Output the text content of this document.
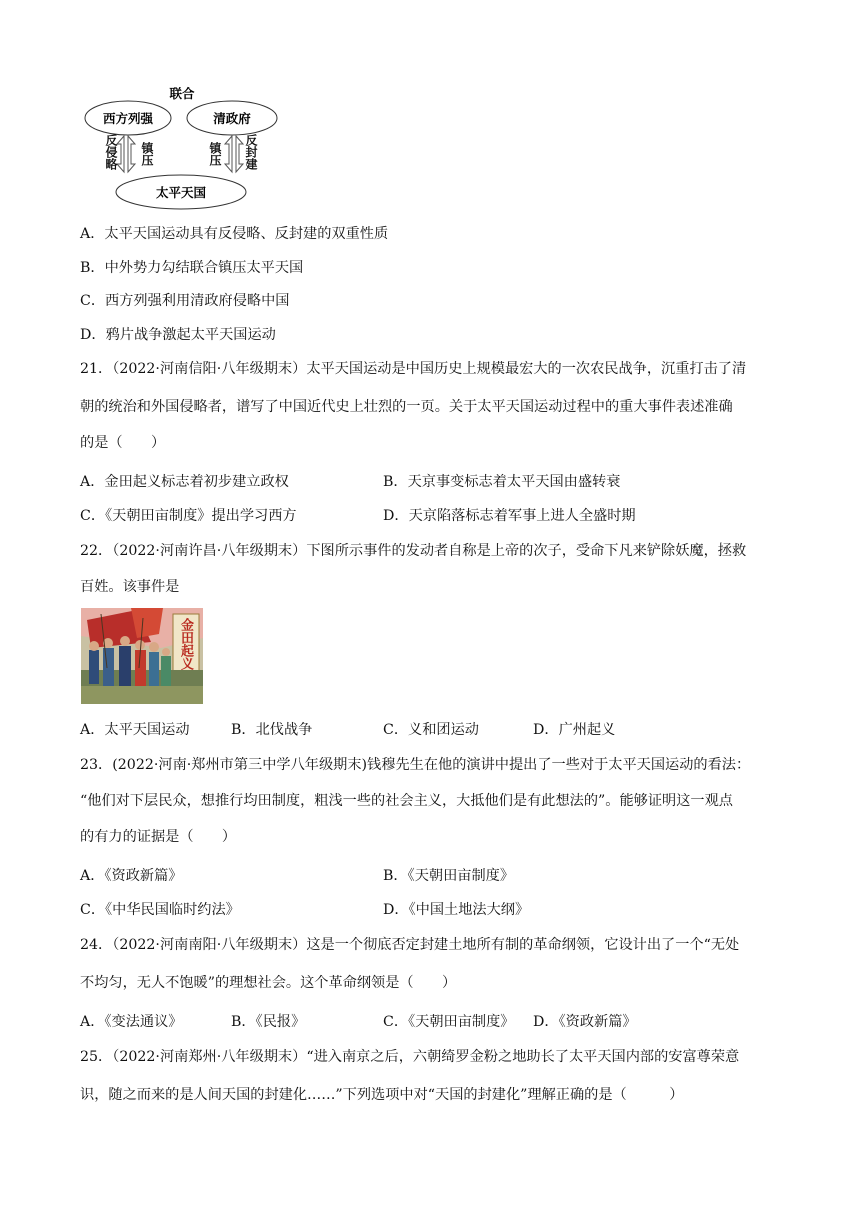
联合
西方列强	清政府
太平天国
反侵略 镇压	镇压 反封建
A．太平天国运动具有反侵略、反封建的双重性质
B．中外势力勾结联合镇压太平天国
C．西方列强利用清政府侵略中国
D．鸦片战争激起太平天国运动
21．（2022·河南信阳·八年级期末）太平天国运动是中国历史上规模最宏大的一次农民战争，沉重打击了清
朝的统治和外国侵略者，谱写了中国近代史上壮烈的一页。关于太平天国运动过程中的重大事件表述准确
的是（　　）
A．金田起义标志着初步建立政权	B．天京事变标志着太平天国由盛转衰
C．《天朝田亩制度》提出学习西方	D．天京陷落标志着军事上进人全盛时期
22．（2022·河南许昌·八年级期末）下图所示事件的发动者自称是上帝的次子，受命下凡来铲除妖魔，拯救
百姓。该事件是
金田起义
A．太平天国运动	B．北伐战争	C．义和团运动	D．广州起义
23．(2022·河南·郑州市第三中学八年级期末)钱穆先生在他的演讲中提出了一些对于太平天国运动的看法：
“他们对下层民众，想推行均田制度，粗浅一些的社会主义，大抵他们是有此想法的”。能够证明这一观点
的有力的证据是（　　）
A．《资政新篇》	B．《天朝田亩制度》
C．《中华民国临时约法》	D．《中国土地法大纲》
24．（2022·河南南阳·八年级期末）这是一个彻底否定封建土地所有制的革命纲领，它设计出了一个“无处
不均匀，无人不饱暖”的理想社会。这个革命纲领是（　　）
A．《变法通议》	B．《民报》	C．《天朝田亩制度》 D．《资政新篇》
25．（2022·河南郑州·八年级期末）“进入南京之后，六朝绮罗金粉之地助长了太平天国内部的安富尊荣意
识，随之而来的是人间天国的封建化……”下列选项中对“天国的封建化”理解正确的是（　　　）
